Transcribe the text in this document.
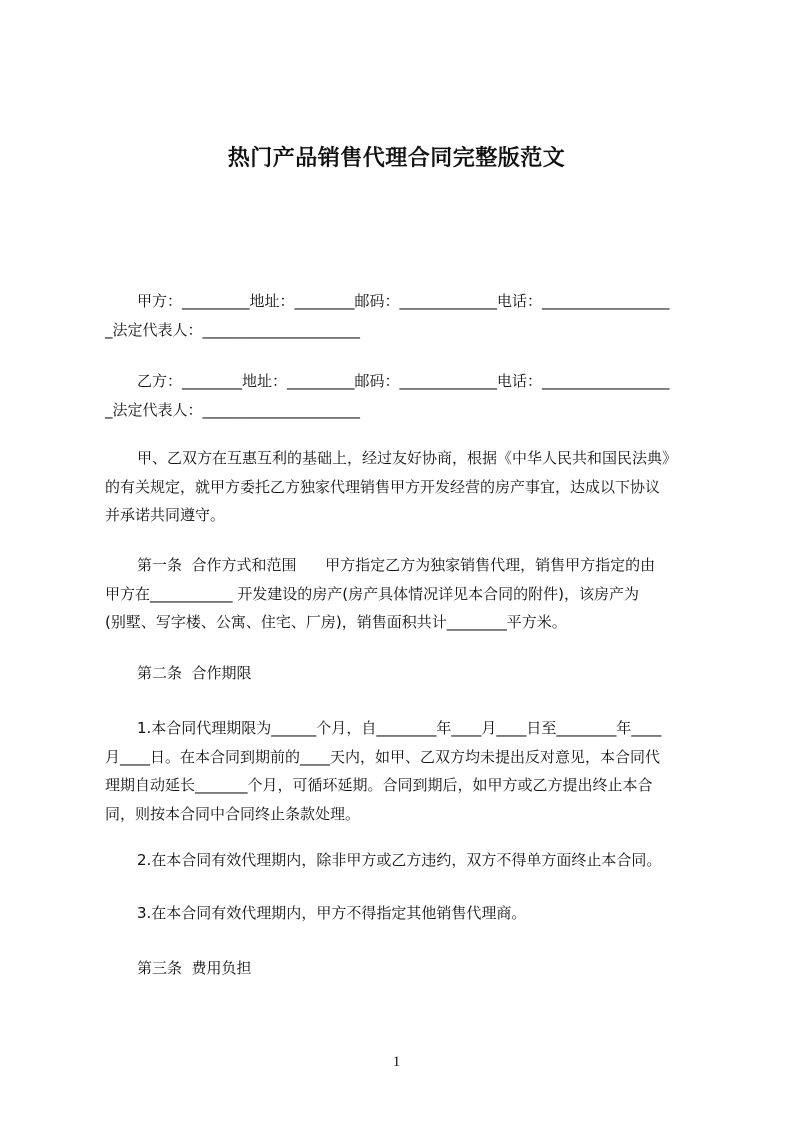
热门产品销售代理合同完整版范文
甲方：_________地址：________邮码：_____________电话：_________________
_法定代表人：_____________________
乙方：________地址：_________邮码：_____________电话：_________________
_法定代表人：_____________________
甲、乙双方在互惠互利的基础上，经过友好协商，根据《中华人民共和国民法典》
的有关规定，就甲方委托乙方独家代理销售甲方开发经营的房产事宜，达成以下协议
并承诺共同遵守。
第一条  合作方式和范围      甲方指定乙方为独家销售代理，销售甲方指定的由
甲方在___________ 开发建设的房产(房产具体情况详见本合同的附件)，该房产为
(别墅、写字楼、公寓、住宅、厂房)，销售面积共计________平方米。
第二条  合作期限
1.本合同代理期限为______个月，自________年____月____日至________年____
月____日。在本合同到期前的____天内，如甲、乙双方均未提出反对意见，本合同代
理期自动延长_______个月，可循环延期。合同到期后，如甲方或乙方提出终止本合
同，则按本合同中合同终止条款处理。
2.在本合同有效代理期内，除非甲方或乙方违约，双方不得单方面终止本合同。
3.在本合同有效代理期内，甲方不得指定其他销售代理商。
第三条  费用负担
1
